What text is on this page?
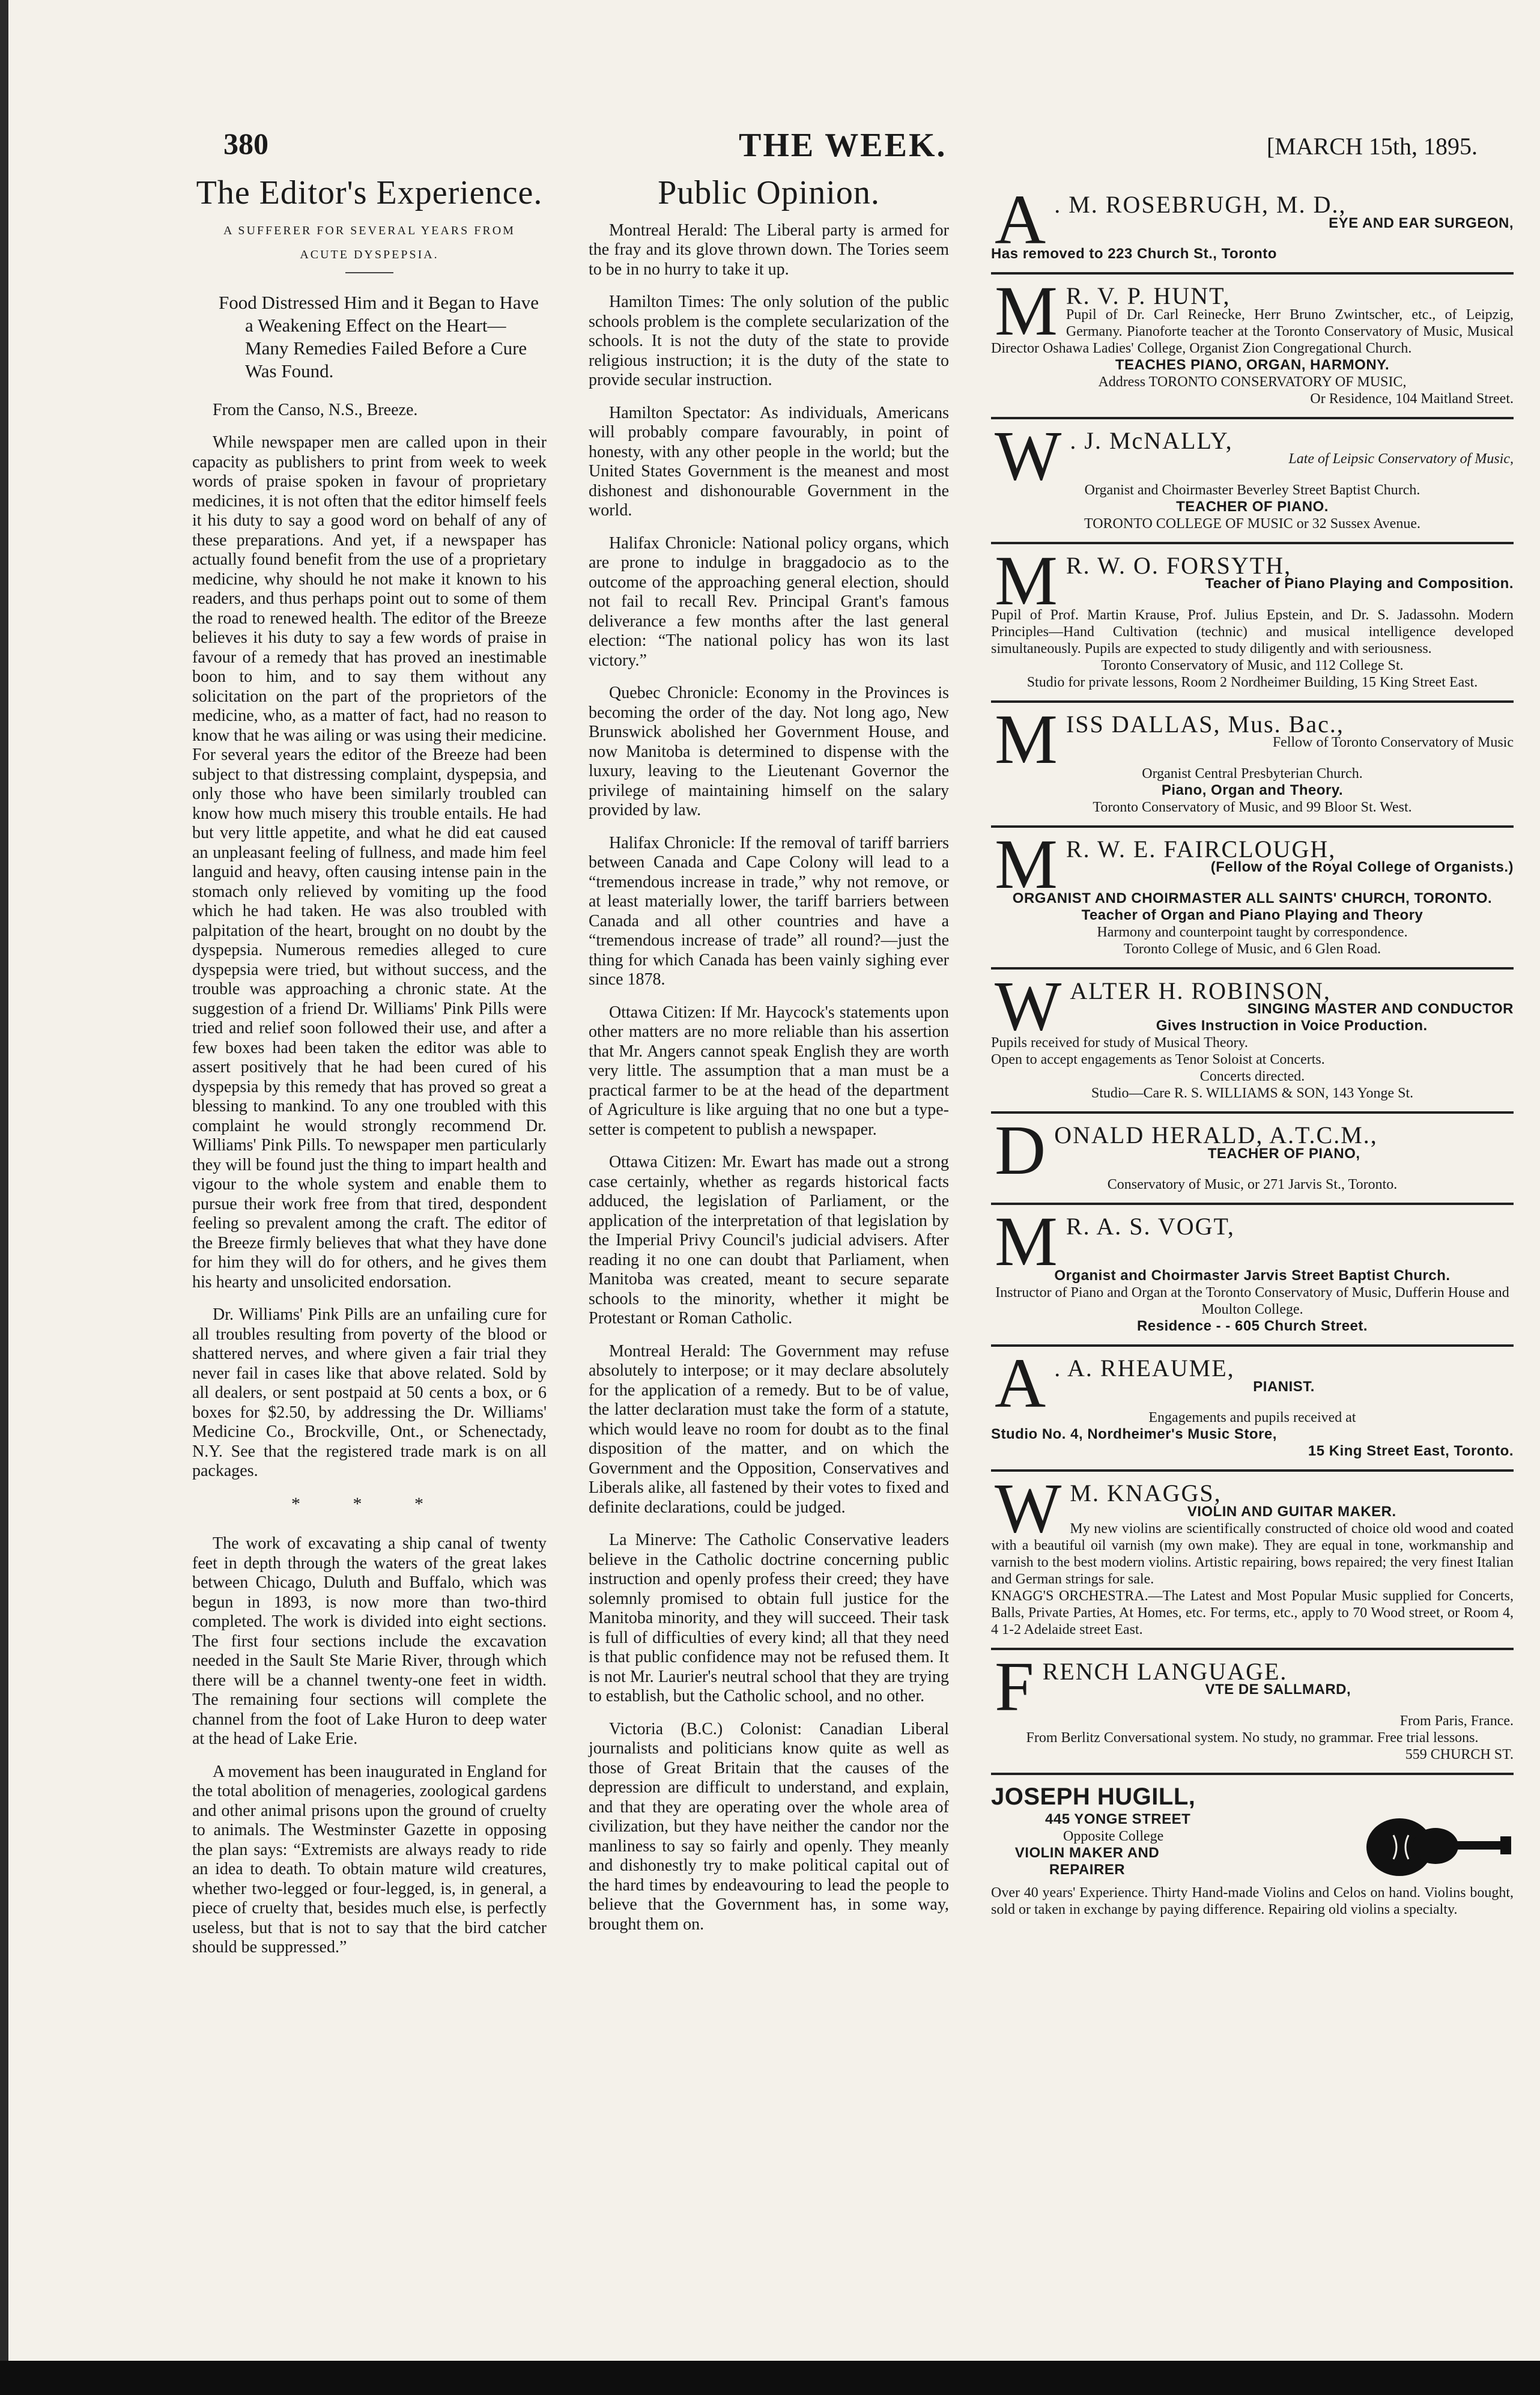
380	THE WEEK.	[MARCH 15th, 1895.
The Editor's Experience.
A SUFFERER FOR SEVERAL YEARS FROM
ACUTE DYSPEPSIA.
Food Distressed Him and it Began to Have a Weakening Effect on the Heart—Many Remedies Failed Before a Cure Was Found.

From the Canso, N.S., Breeze.

While newspaper men are called upon in their capacity as publishers to print from week to week words of praise spoken in favour of proprietary medicines, it is not often that the editor himself feels it his duty to say a good word on behalf of any of these preparations. And yet, if a newspaper has actually found benefit from the use of a proprietary medicine, why should he not make it known to his readers, and thus perhaps point out to some of them the road to renewed health. The editor of the Breeze believes it his duty to say a few words of praise in favour of a remedy that has proved an inestimable boon to him, and to say them without any solicitation on the part of the proprietors of the medicine, who, as a matter of fact, had no reason to know that he was ailing or was using their medicine. For several years the editor of the Breeze had been subject to that distressing complaint, dyspepsia, and only those who have been similarly troubled can know how much misery this trouble entails. He had but very little appetite, and what he did eat caused an unpleasant feeling of fullness, and made him feel languid and heavy, often causing intense pain in the stomach only relieved by vomiting up the food which he had taken. He was also troubled with palpitation of the heart, brought on no doubt by the dyspepsia. Numerous remedies alleged to cure dyspepsia were tried, but without success, and the trouble was approaching a chronic state. At the suggestion of a friend Dr. Williams' Pink Pills were tried and relief soon followed their use, and after a few boxes had been taken the editor was able to assert positively that he had been cured of his dyspepsia by this remedy that has proved so great a blessing to mankind. To any one troubled with this complaint he would strongly recommend Dr. Williams' Pink Pills. To newspaper men particularly they will be found just the thing to impart health and vigour to the whole system and enable them to pursue their work free from that tired, despondent feeling so prevalent among the craft. The editor of the Breeze firmly believes that what they have done for him they will do for others, and he gives them his hearty and unsolicited endorsation.

Dr. Williams' Pink Pills are an unfailing cure for all troubles resulting from poverty of the blood or shattered nerves, and where given a fair trial they never fail in cases like that above related. Sold by all dealers, or sent postpaid at 50 cents a box, or 6 boxes for $2.50, by addressing the Dr. Williams' Medicine Co., Brockville, Ont., or Schenectady, N.Y. See that the registered trade mark is on all packages.

* * *

The work of excavating a ship canal of twenty feet in depth through the waters of the great lakes between Chicago, Duluth and Buffalo, which was begun in 1893, is now more than two-third completed. The work is divided into eight sections. The first four sections include the excavation needed in the Sault Ste Marie River, through which there will be a channel twenty-one feet in width. The remaining four sections will complete the channel from the foot of Lake Huron to deep water at the head of Lake Erie.

A movement has been inaugurated in England for the total abolition of menageries, zoological gardens and other animal prisons upon the ground of cruelty to animals. The Westminster Gazette in opposing the plan says: “Extremists are always ready to ride an idea to death. To obtain mature wild creatures, whether two-legged or four-legged, is, in general, a piece of cruelty that, besides much else, is perfectly useless, but that is not to say that the bird catcher should be suppressed.”

Public Opinion.

Montreal Herald: The Liberal party is armed for the fray and its glove thrown down. The Tories seem to be in no hurry to take it up.

Hamilton Times: The only solution of the public schools problem is the complete secularization of the schools. It is not the duty of the state to provide religious instruction; it is the duty of the state to provide secular instruction.

Hamilton Spectator: As individuals, Americans will probably compare favourably, in point of honesty, with any other people in the world; but the United States Government is the meanest and most dishonest and dishonourable Government in the world.

Halifax Chronicle: National policy organs, which are prone to indulge in braggadocio as to the outcome of the approaching general election, should not fail to recall Rev. Principal Grant's famous deliverance a few months after the last general election: “The national policy has won its last victory.”

Quebec Chronicle: Economy in the Provinces is becoming the order of the day. Not long ago, New Brunswick abolished her Government House, and now Manitoba is determined to dispense with the luxury, leaving to the Lieutenant Governor the privilege of maintaining himself on the salary provided by law.

Halifax Chronicle: If the removal of tariff barriers between Canada and Cape Colony will lead to a “tremendous increase in trade,” why not remove, or at least materially lower, the tariff barriers between Canada and all other countries and have a “tremendous increase of trade” all round?—just the thing for which Canada has been vainly sighing ever since 1878.

Ottawa Citizen: If Mr. Haycock's statements upon other matters are no more reliable than his assertion that Mr. Angers cannot speak English they are worth very little. The assumption that a man must be a practical farmer to be at the head of the department of Agriculture is like arguing that no one but a type-setter is competent to publish a newspaper.

Ottawa Citizen: Mr. Ewart has made out a strong case certainly, whether as regards historical facts adduced, the legislation of Parliament, or the application of the interpretation of that legislation by the Imperial Privy Council's judicial advisers. After reading it no one can doubt that Parliament, when Manitoba was created, meant to secure separate schools to the minority, whether it might be Protestant or Roman Catholic.

Montreal Herald: The Government may refuse absolutely to interpose; or it may declare absolutely for the application of a remedy. But to be of value, the latter declaration must take the form of a statute, which would leave no room for doubt as to the final disposition of the matter, and on which the Government and the Opposition, Conservatives and Liberals alike, all fastened by their votes to fixed and definite declarations, could be judged.

La Minerve: The Catholic Conservative leaders believe in the Catholic doctrine concerning public instruction and openly profess their creed; they have solemnly promised to obtain full justice for the Manitoba minority, and they will succeed. Their task is full of difficulties of every kind; all that they need is that public confidence may not be refused them. It is not Mr. Laurier's neutral school that they are trying to establish, but the Catholic school, and no other.

Victoria (B.C.) Colonist: Canadian Liberal journalists and politicians know quite as well as those of Great Britain that the causes of the depression are difficult to understand, and explain, and that they are operating over the whole area of civilization, but they have neither the candor nor the manliness to say so fairly and openly. They meanly and dishonestly try to make political capital out of the hard times by endeavouring to lead the people to believe that the Government has, in some way, brought them on.

A . M. ROSEBRUGH, M. D.,
EYE AND EAR SURGEON,
Has removed to 223 Church St., Toronto
M R. V. P. HUNT,
Pupil of Dr. Carl Reinecke, Herr Bruno Zwintscher, etc., of Leipzig, Germany. Pianoforte teacher at the Toronto Conservatory of Music, Musical Director Oshawa Ladies' College, Organist Zion Congregational Church.
TEACHES PIANO, ORGAN, HARMONY.
Address TORONTO CONSERVATORY OF MUSIC,
Or Residence, 104 Maitland Street.
W . J. McNALLY,
Late of Leipsic Conservatory of Music,
Organist and Choirmaster Beverley Street Baptist Church.
TEACHER OF PIANO.
TORONTO COLLEGE OF MUSIC or 32 Sussex Avenue.
M R. W. O. FORSYTH,
Teacher of Piano Playing and Composition.
Pupil of Prof. Martin Krause, Prof. Julius Epstein, and Dr. S. Jadassohn. Modern Principles—Hand Cultivation (technic) and musical intelligence developed simultaneously. Pupils are expected to study diligently and with seriousness.
Toronto Conservatory of Music, and 112 College St.
Studio for private lessons, Room 2 Nordheimer Building, 15 King Street East.
M ISS DALLAS, Mus. Bac.,
Fellow of Toronto Conservatory of Music
Organist Central Presbyterian Church.
Piano, Organ and Theory.
Toronto Conservatory of Music, and 99 Bloor St. West.
M R. W. E. FAIRCLOUGH,
(Fellow of the Royal College of Organists.)
ORGANIST AND CHOIRMASTER ALL SAINTS' CHURCH, TORONTO.
Teacher of Organ and Piano Playing and Theory
Harmony and counterpoint taught by correspondence.
Toronto College of Music, and 6 Glen Road.
W ALTER H. ROBINSON,
SINGING MASTER AND CONDUCTOR
Gives Instruction in Voice Production.
Pupils received for study of Musical Theory.
Open to accept engagements as Tenor Soloist at Concerts.
Concerts directed.
Studio—Care R. S. WILLIAMS & SON, 143 Yonge St.
D ONALD HERALD, A.T.C.M.,
TEACHER OF PIANO,
Conservatory of Music, or 271 Jarvis St., Toronto.
M R. A. S. VOGT,
Organist and Choirmaster Jarvis Street Baptist Church.
Instructor of Piano and Organ at the Toronto Conservatory of Music, Dufferin House and Moulton College.
Residence - - 605 Church Street.
A . A. RHEAUME,
PIANIST.
Engagements and pupils received at
Studio No. 4, Nordheimer's Music Store,
15 King Street East, Toronto.
W M. KNAGGS,
VIOLIN AND GUITAR MAKER.
My new violins are scientifically constructed of choice old wood and coated with a beautiful oil varnish (my own make). They are equal in tone, workmanship and varnish to the best modern violins. Artistic repairing, bows repaired; the very finest Italian and German strings for sale.
KNAGG'S ORCHESTRA.—The Latest and Most Popular Music supplied for Concerts, Balls, Private Parties, At Homes, etc. For terms, etc., apply to 70 Wood street, or Room 4, 4 1-2 Adelaide street East.
F RENCH LANGUAGE.
VTE DE SALLMARD,
From Paris, France.
From Berlitz Conversational system. No study, no grammar. Free trial lessons.
559 CHURCH ST.
JOSEPH HUGILL,
445 YONGE STREET
Opposite College
VIOLIN MAKER AND REPAIRER
Over 40 years' Experience. Thirty Hand-made Violins and Celos on hand. Violins bought, sold or taken in exchange by paying difference. Repairing old violins a specialty.
